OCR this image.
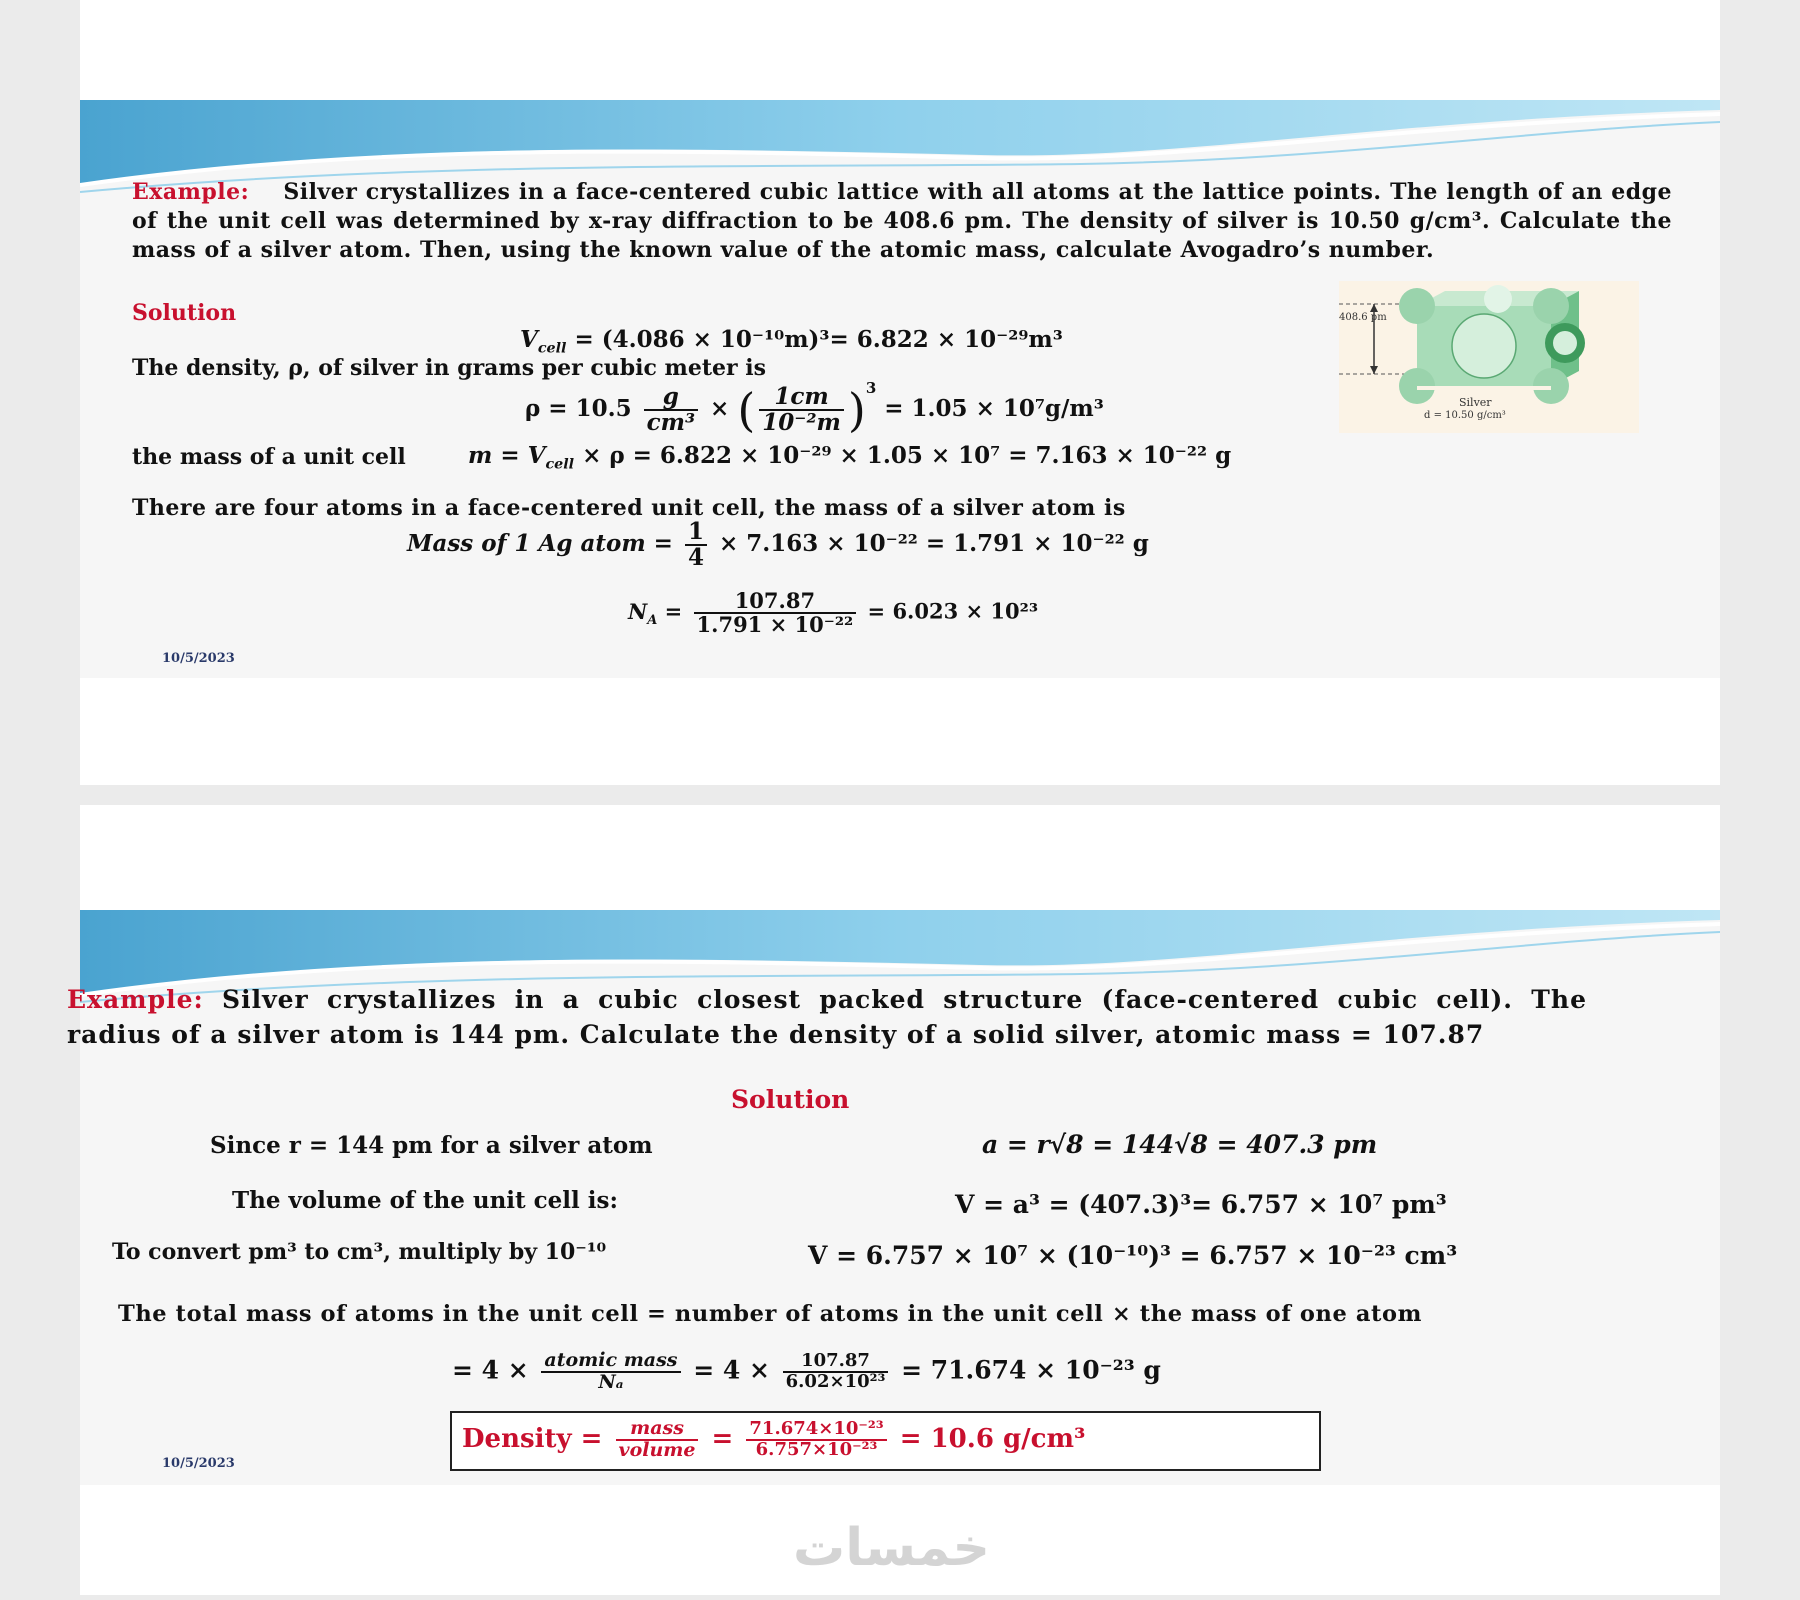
Example: Silver crystallizes in a face-centered cubic lattice with all atoms at the lattice points. The length of an edge of the unit cell was determined by x-ray diffraction to be 408.6 pm. The density of silver is 10.50 g/cm³. Calculate the mass of a silver atom. Then, using the known value of the atomic mass, calculate Avogadro’s number.
Solution
$V_{cell} = (4.086 \times 10^{-10}m)^3= 6.822 \times 10^{-29}m^3$
The density, ρ, of silver in grams per cubic meter is
$\rho = 10.5 \frac{g}{\text{cm³}}$ × ( $\frac{1cm}{\text{10⁻²m}} )^3 = 1.05 \times 10^7g/m^3$
the mass of a unit cell	$m = V_{cell} \times \rho = 6.822 \times 10^{-29} \times 1.05 \times 10^7 = 7.163 \times 10^{-22}$ g
There are four atoms in a face-centered unit cell, the mass of a silver atom is
Mass of 1 Ag atom = $\frac{1}{4} \times 7.163 \times 10^{-22} = 1.791 \times 10^{-22}$ g
$N_A = \frac{107.87}{\text{1.791 × 10⁻²²}} = 6.023 \times 10^{23}$
10/5/2023
408.6 pm
Silver
d = 10.50 g/cm³
Example: Silver crystallizes in a cubic closest packed structure (face-centered cubic cell). The radius of a silver atom is 144 pm. Calculate the density of a solid silver, atomic mass = 107.87
Solution
Since r = 144 pm for a silver atom	a = r√8 = 144√8 = 407.3 pm
The volume of the unit cell is:	V = a³ = (407.3)³= 6.757 × 10⁷ pm³
To convert pm³ to cm³, multiply by 10⁻¹⁰	V = 6.757 × 10⁷ × (10⁻¹⁰)³ = 6.757 × 10⁻²³ cm³
The total mass of atoms in the unit cell = number of atoms in the unit cell × the mass of one atom
= $4 \times \frac{\text{atomic mass}}{\text{Nₐ}} = 4 \times \frac{107.87}{\text{6.02×10²³}} = 71.674 \times 10^{-23}$ g
Density = $\frac{\text{mass}}{\text{volume}} = \frac{\text{71.674×10⁻²³}}{\text{6.757×10⁻²³}} = 10.6$ g/cm³
10/5/2023
خمسات
